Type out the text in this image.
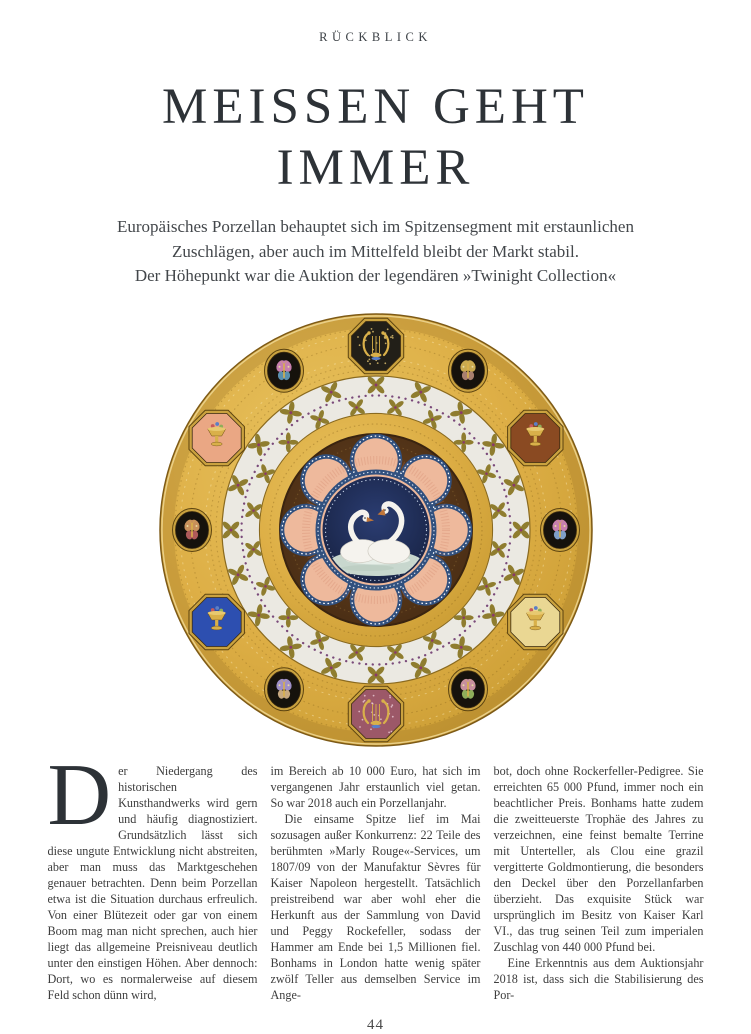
RÜCKBLICK
MEISSEN GEHT
IMMER
Europäisches Porzellan behauptet sich im Spitzensegment mit erstaunlichen
Zuschlägen, aber auch im Mittelfeld bleibt der Markt stabil.
Der Höhepunkt war die Auktion der legendären »Twinight Collection«

Der Niedergang des historischen Kunsthandwerks wird gern und häufig diagnostiziert. Grundsätzlich lässt sich diese ungute Entwicklung nicht abstreiten, aber man muss das Marktgeschehen genauer betrachten. Denn beim Porzellan etwa ist die Situation durchaus erfreulich. Von einer Blütezeit oder gar von einem Boom mag man nicht sprechen, auch hier liegt das allgemeine Preisniveau deutlich unter den einstigen Höhen. Aber dennoch: Dort, wo es normalerweise auf diesem Feld schon dünn wird,

im Bereich ab 10 000 Euro, hat sich im vergangenen Jahr erstaunlich viel getan. So war 2018 auch ein Porzellanjahr.

Die einsame Spitze lief im Mai sozusagen außer Konkurrenz: 22 Teile des berühmten »Marly Rouge«-Services, um 1807/09 von der Manufaktur Sèvres für Kaiser Napoleon hergestellt. Tatsächlich preistreibend war aber wohl eher die Herkunft aus der Sammlung von David und Peggy Rockefeller, sodass der Hammer am Ende bei 1,5 Millionen fiel. Bonhams in London hatte wenig später zwölf Teller aus demselben Service im Ange-

bot, doch ohne Rockerfeller-Pedigree. Sie erreichten 65 000 Pfund, immer noch ein beachtlicher Preis. Bonhams hatte zudem die zweitteuerste Trophäe des Jahres zu verzeichnen, eine feinst bemalte Terrine mit Unterteller, als Clou eine grazil vergitterte Goldmontierung, die besonders den Deckel über den Porzellanfarben überzieht. Das exquisite Stück war ursprünglich im Besitz von Kaiser Karl VI., das trug seinen Teil zum imperialen Zuschlag von 440 000 Pfund bei.

Eine Erkenntnis aus dem Auktionsjahr 2018 ist, dass sich die Stabilisierung des Por-

44
